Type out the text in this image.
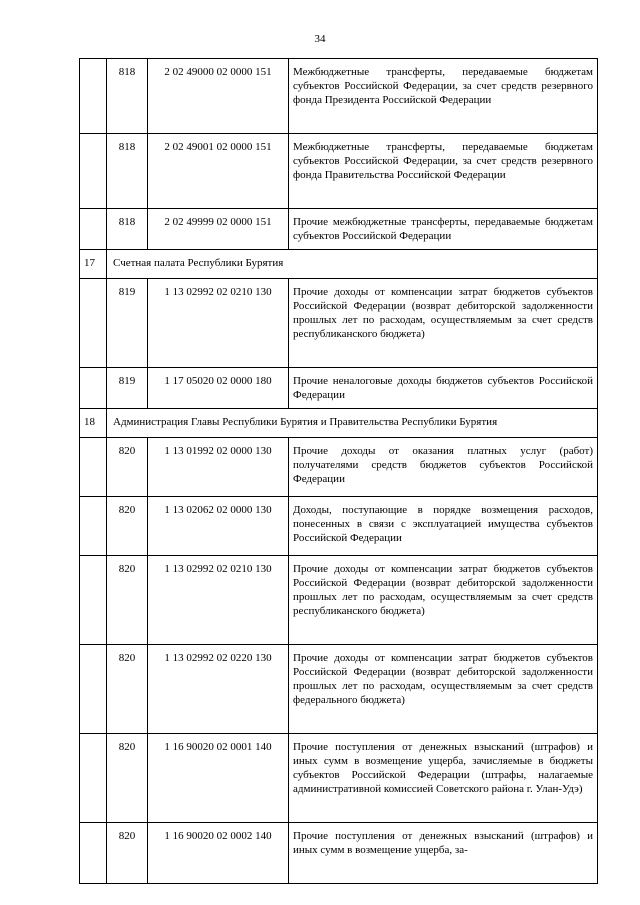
34
	818	2 02 49000 02 0000 151	Межбюджетные трансферты, передаваемые бюджетам субъектов Российской Федерации, за счет средств резервного фонда Президента Российской Федерации
	818	2 02 49001 02 0000 151	Межбюджетные трансферты, передаваемые бюджетам субъектов Российской Федерации, за счет средств резервного фонда Правительства Российской Федерации
	818	2 02 49999 02 0000 151	Прочие межбюджетные трансферты, передаваемые бюджетам субъектов Российской Федерации
17	Счетная палата Республики Бурятия		
	819	1 13 02992 02 0210 130	Прочие доходы от компенсации затрат бюджетов субъектов Российской Федерации (возврат дебиторской задолженности прошлых лет по расходам, осуществляемым за счет средств республиканского бюджета)
	819	1 17 05020 02 0000 180	Прочие неналоговые доходы бюджетов субъектов Российской Федерации
18	Администрация Главы Республики Бурятия и Правительства Республики Бурятия		
	820	1 13 01992 02 0000 130	Прочие доходы от оказания платных услуг (работ) получателями средств бюджетов субъектов Российской Федерации
	820	1 13 02062 02 0000 130	Доходы, поступающие в порядке возмещения расходов, понесенных в связи с эксплуатацией имущества субъектов Российской Федерации
	820	1 13 02992 02 0210 130	Прочие доходы от компенсации затрат бюджетов субъектов Российской Федерации (возврат дебиторской задолженности прошлых лет по расходам, осуществляемым за счет средств республиканского бюджета)
	820	1 13 02992 02 0220 130	Прочие доходы от компенсации затрат бюджетов субъектов Российской Федерации (возврат дебиторской задолженности прошлых лет по расходам, осуществляемым за счет средств федерального бюджета)
	820	1 16 90020 02 0001 140	Прочие поступления от денежных взысканий (штрафов) и иных сумм в возмещение ущерба, зачисляемые в бюджеты субъектов Российской Федерации (штрафы, налагаемые административной комиссией Советского района г. Улан-Удэ)
	820	1 16 90020 02 0002 140	Прочие поступления от денежных взысканий (штрафов) и иных сумм в возмещение ущерба, за-
